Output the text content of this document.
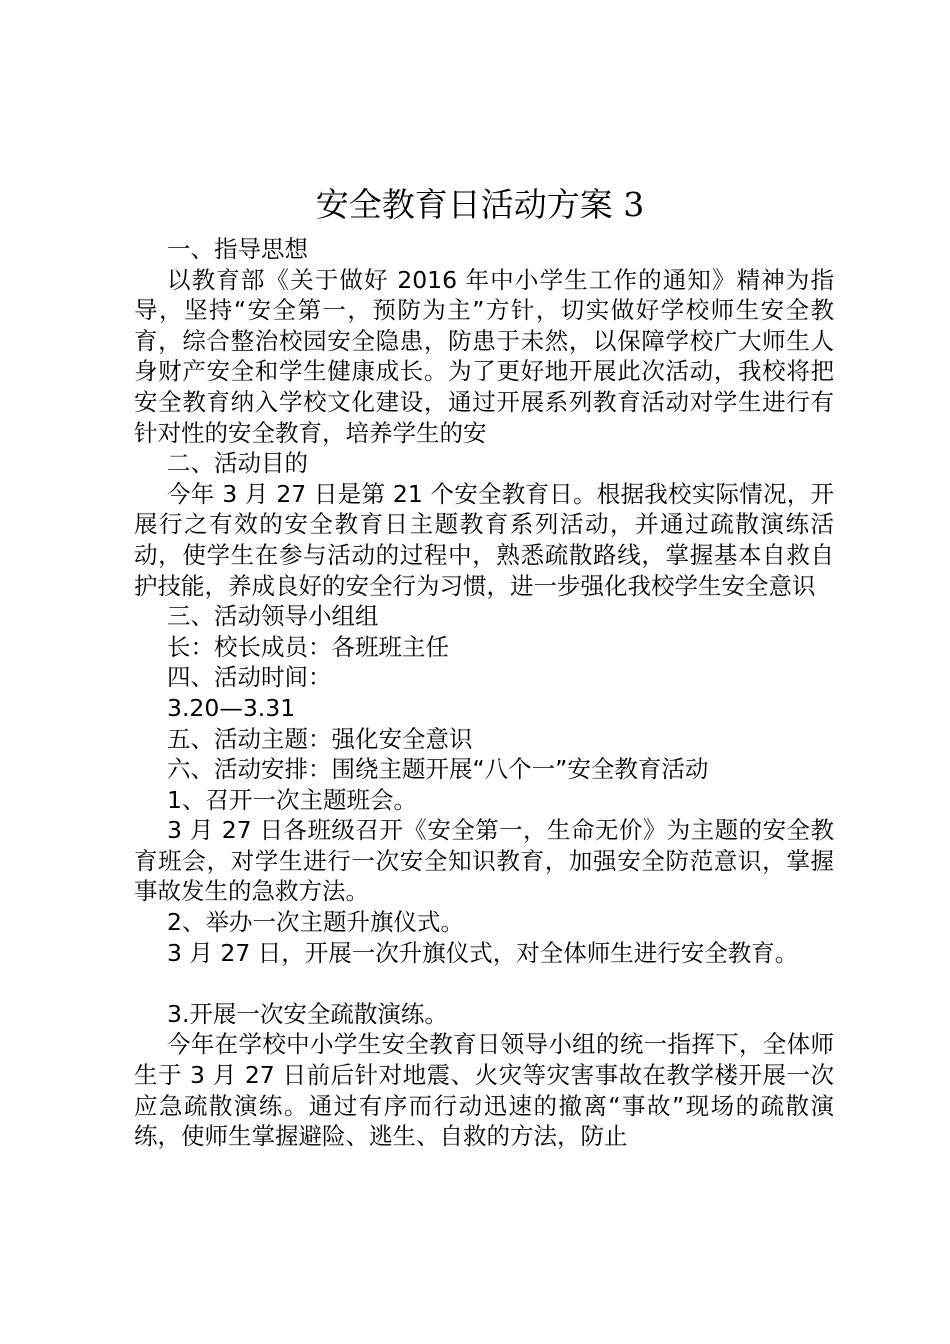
安全教育日活动方案 3

一、指导思想

以教育部《关于做好 2016 年中小学生工作的通知》精神为指导，坚持“安全第一，预防为主”方针，切实做好学校师生安全教育，综合整治校园安全隐患，防患于未然，以保障学校广大师生人身财产安全和学生健康成长。为了更好地开展此次活动，我校将把安全教育纳入学校文化建设，通过开展系列教育活动对学生进行有针对性的安全教育，培养学生的安

二、活动目的

今年 3 月 27 日是第 21 个安全教育日。根据我校实际情况，开展行之有效的安全教育日主题教育系列活动，并通过疏散演练活动，使学生在参与活动的过程中，熟悉疏散路线，掌握基本自救自护技能，养成良好的安全行为习惯，进一步强化我校学生安全意识

三、活动领导小组组

长：校长成员：各班班主任

四、活动时间：

3.20—3.31

五、活动主题：强化安全意识

六、活动安排：围绕主题开展“八个一”安全教育活动

1、召开一次主题班会。

3 月 27 日各班级召开《安全第一，生命无价》为主题的安全教育班会，对学生进行一次安全知识教育，加强安全防范意识，掌握事故发生的急救方法。

2、举办一次主题升旗仪式。

3 月 27 日，开展一次升旗仪式，对全体师生进行安全教育。

3.开展一次安全疏散演练。

今年在学校中小学生安全教育日领导小组的统一指挥下，全体师生于 3 月 27 日前后针对地震、火灾等灾害事故在教学楼开展一次应急疏散演练。通过有序而行动迅速的撤离“事故”现场的疏散演练，使师生掌握避险、逃生、自救的方法，防止
